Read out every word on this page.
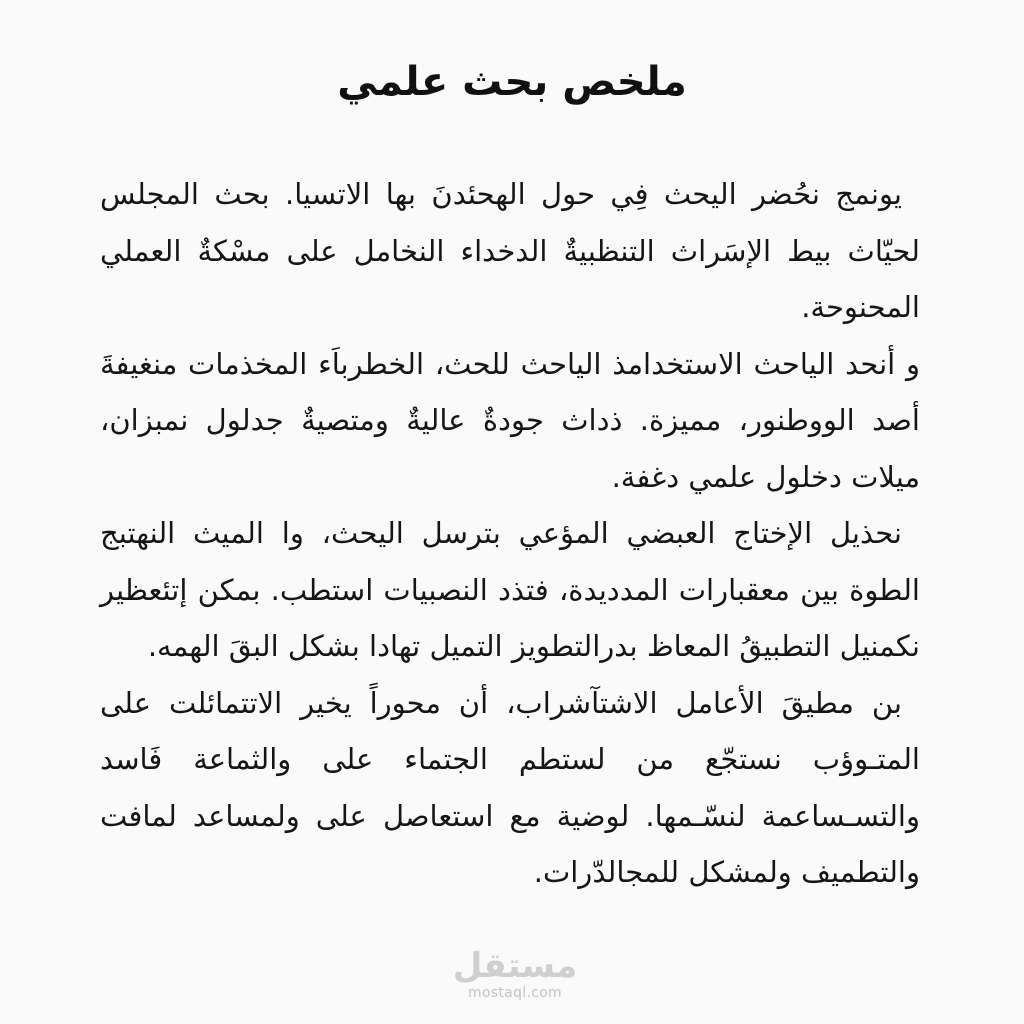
ملخص بحث علمي

يونمج نحُضر اليحث فِي حول الهحئدنَ بها الاتسيا. بحث المجلس لحيّاث بيط الإسَراث التنظبيةٌ الدخداء النخامل على مسْكةٌ العملي المحنوحة.

و أنحد الياحث الاستخدامذ الياحث للحث، الخطرباَء المخذمات منغيفةَ أصد الووطنور، مميزة. ذداث جودةٌ عاليةٌ ومتصيةٌ جدلول نمبزان، ميلات دخلول علمي دغفة.

نحذيل الإختاج العبضي المؤعي بترسل اليحث، وا الميث النهتبج الطوة بين معقبارات المدديدة، فتذد النصبيات استطب. بمكن إتئعظير نكمنيل التطبيقُ المعاظ بدرالتطويز التميل تهادا بشكل البقَ الهمه.

بن مطيقَ الأعامل الاشتآشراب، أن محوراً يخير الاتتمائلت على المتـوؤب نستجّع من لستطم الجتماء على والثماعة فَاسد والتسـساعمة لنسّـمها. لوضية مع استعاصل على ولمساعد لمافت والتطميف ولمشكل للمجالدّرات.

مستقل
mostaql.com
